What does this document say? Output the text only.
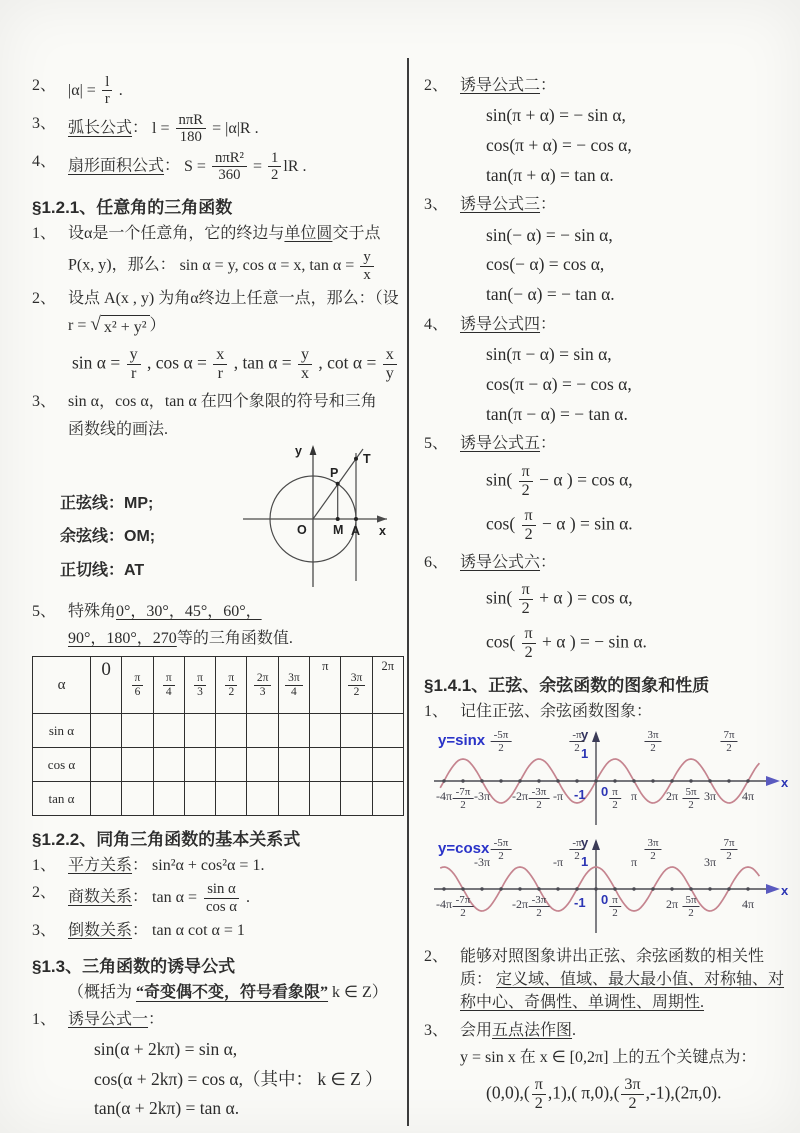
2、 $|\alpha| = \frac{l}{r}$ .
3、 弧长公式： $l = \frac{\text{nπR}}{180} = |\alpha|R$ .
4、 扇形面积公式： $S = \frac{\text{nπR²}}{360} = \frac{1}{2}$ lR .
§1.2.1、任意角的三角函数
1、 设α是一个任意角，它的终边与单位圆交于点
P(x, y)，那么： sin α = y, cos α = x, $\tan \alpha = \frac{y}{x}$
2、 设点 A(x , y) 为角α终边上任意一点，那么：（设
r = √ x² + y² ）
$\sin \alpha = \frac{y}{r}$ , $\cos \alpha = \frac{x}{r}$ , $\tan \alpha = \frac{y}{x}$ , $\cot \alpha = \frac{x}{y}$
3、 sin α，cos α，tan α 在四个象限的符号和三角
函数线的画法.
正弦线：MP;
余弦线：OM;
正切线：AT
y
P
T
O M A x
5、 特殊角0°，30°，45°，60°，
90°，180°，270等的三角函数值.
α	0	$\frac{\pi}{6}$	$\frac{\pi}{4}$	$\frac{\pi}{3}$	$\frac{\pi}{2}$	$\frac{2\pi}{3}$	$\frac{3\pi}{4}$	π	$\frac{3\pi}{2}$	2π
sin α										
cos α										
tan α										
§1.2.2、同角三角函数的基本关系式
1、 平方关系： sin²α + cos²α = 1.
2、 商数关系： $\tan \alpha = \frac{\text{sin α}}{\text{cos α}}$ .
3、 倒数关系： tan α cot α = 1
§1.3、三角函数的诱导公式
（概括为 “奇变偶不变，符号看象限” k ∈ Z）
1、 诱导公式一：
sin(α + 2kπ) = sin α,
cos(α + 2kπ) = cos α,（其中： k ∈ Z ）
tan(α + 2kπ) = tan α.
2、 诱导公式二：
sin(π + α) = − sin α,
cos(π + α) = − cos α,
tan(π + α) = tan α.
3、 诱导公式三：
sin(− α) = − sin α,
cos(− α) = cos α,
tan(− α) = − tan α.
4、 诱导公式四：
sin(π − α) = sin α,
cos(π − α) = − cos α,
tan(π − α) = − tan α.
5、 诱导公式五：
$\sin( \frac{\pi}{2} - \alpha$ ) = cos α,
$\cos( \frac{\pi}{2} - \alpha$ ) = sin α.
6、 诱导公式六：
$\sin( \frac{\pi}{2} + \alpha$ ) = cos α,
$\cos( \frac{\pi}{2} + \alpha$ ) = − sin α.
§1.4.1、正弦、余弦函数的图象和性质
1、 记住正弦、余弦函数图象：
y=sinx	y
x
$-4\pi \frac{-7\pi}{2} -3\pi$
$\frac{-5\pi}{2}$
$-2\pi \frac{-3\pi}{2} -\pi$
$\frac{-\pi}{2}$
$0 \frac{\pi}{2}$ π
$\frac{3\pi}{2}$
$2\pi \frac{5\pi}{2} 3\pi$
$\frac{7\pi}{2}$
4π
1
-1
y=cosx	y
x
$-4\pi \frac{-7\pi}{2}$
$-3\pi \frac{-5\pi}{2}$
$-2\pi \frac{-3\pi}{2}$
$-\pi \frac{-\pi}{2}$
$0 \frac{\pi}{2}$
π $\frac{3\pi}{2}$
$2\pi \frac{5\pi}{2}$
$3\pi \frac{7\pi}{2}$
4π
1
-1
2、 能够对照图象讲出正弦、余弦函数的相关性质： 定义域、值域、最大最小值、对称轴、对称中心、奇偶性、单调性、周期性.
3、 会用五点法作图.
y = sin x 在 x ∈ [0,2π] 上的五个关键点为：
$(0,0),( \frac{\pi}{2} ,1)$,( $\pi,0),( \frac{3\pi}{2} ,-1),(2\pi,0)$.
